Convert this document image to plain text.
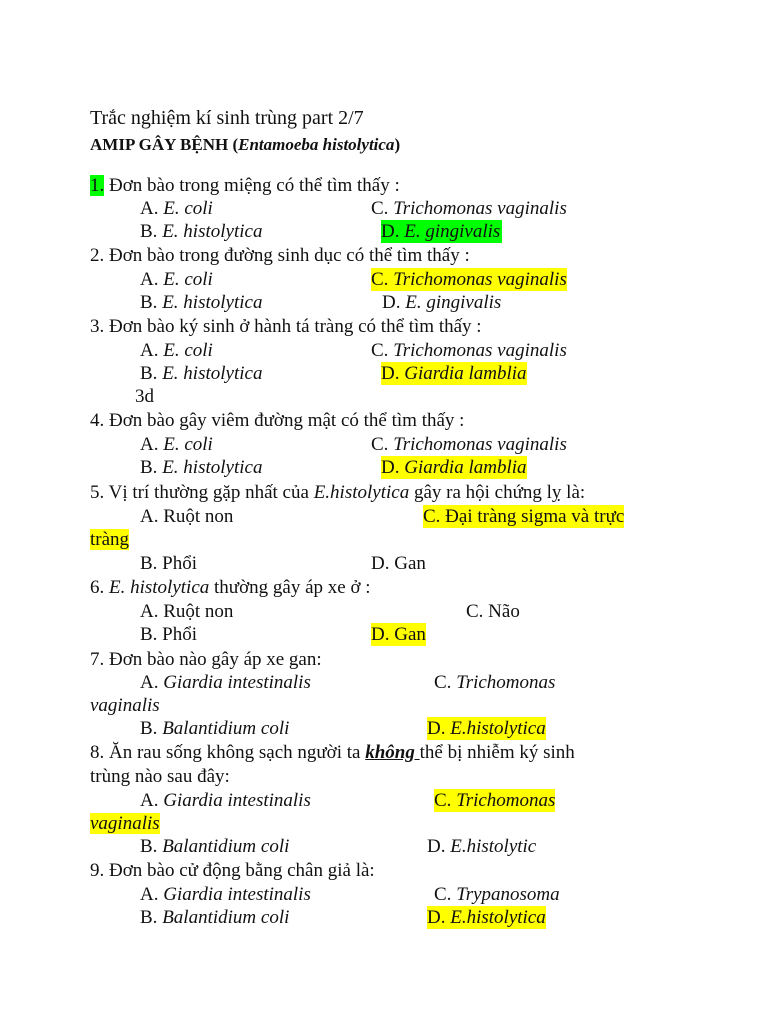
Trắc nghiệm kí sinh trùng part 2/7
AMIP GÂY BỆNH (Entamoeba histolytica)
1. Đơn bào trong miệng có thể tìm thấy :
A. E. coli	C. Trichomonas vaginalis
B. E. histolytica	D. E. gingivalis
2. Đơn bào trong đường sinh dục có thể tìm thấy :
A. E. coli	C. Trichomonas vaginalis
B. E. histolytica	D. E. gingivalis
3. Đơn bào ký sinh ở hành tá tràng có thể tìm thấy :
A. E. coli	C. Trichomonas vaginalis
B. E. histolytica	D. Giardia lamblia
3d
4. Đơn bào gây viêm đường mật có thể tìm thấy :
A. E. coli	C. Trichomonas vaginalis
B. E. histolytica	D. Giardia lamblia
5. Vị trí thường gặp nhất của E.histolytica gây ra hội chứng lỵ là:
A. Ruột non	C. Đại tràng sigma và trực
tràng
B. Phổi	D. Gan
6. E. histolytica thường gây áp xe ở :
A. Ruột non	C. Não
B. Phổi	D. Gan
7. Đơn bào nào gây áp xe gan:
A. Giardia intestinalis	C. Trichomonas
vaginalis
B. Balantidium coli	D. E.histolytica
8. Ăn rau sống không sạch người ta không thể bị nhiễm ký sinh
trùng nào sau đây:
A. Giardia intestinalis	C. Trichomonas
vaginalis
B. Balantidium coli	D. E.histolytic
9. Đơn bào cử động bằng chân giả là:
A. Giardia intestinalis	C. Trypanosoma
B. Balantidium coli	D. E.histolytica
